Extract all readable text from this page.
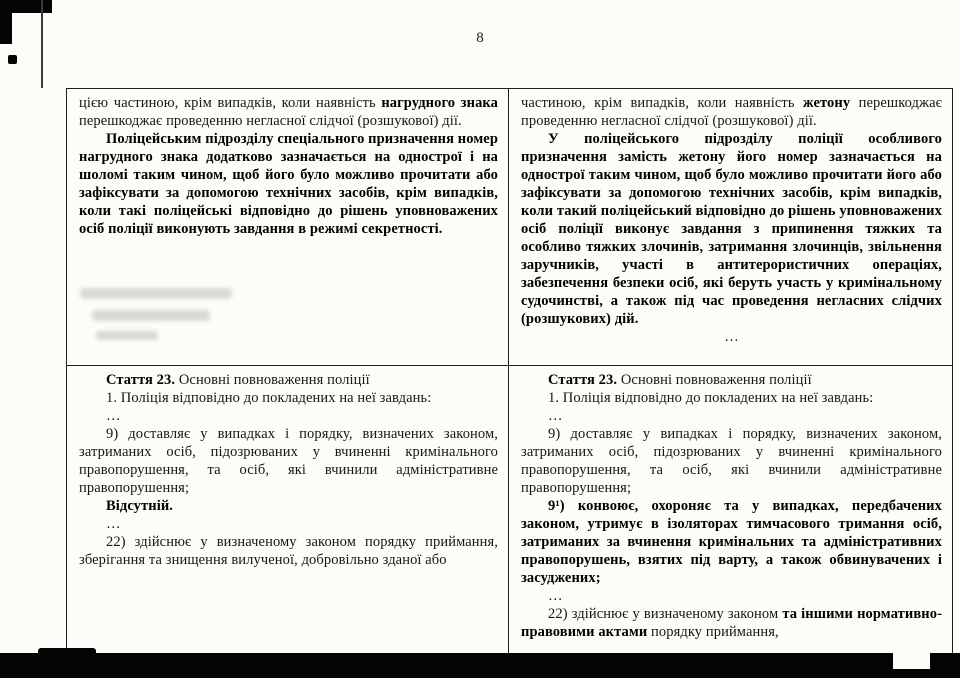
8

цією частиною, крім випадків, коли наявність нагрудного знака перешкоджає проведенню негласної слідчої (розшукової) дії.

Поліцейським підрозділу спеціального призначення номер нагрудного знака додатково зазначається на однострої і на шоломі таким чином, щоб його було можливо прочитати або зафіксувати за допомогою технічних засобів, крім випадків, коли такі поліцейські відповідно до рішень уповноважених осіб поліції виконують завдання в режимі секретності.

частиною, крім випадків, коли наявність жетону перешкоджає проведенню негласної слідчої (розшукової) дії.

У поліцейського підрозділу поліції особливого призначення замість жетону його номер зазначається на однострої таким чином, щоб було можливо прочитати його або зафіксувати за допомогою технічних засобів, крім випадків, коли такий поліцейський відповідно до рішень уповноважених осіб поліції виконує завдання з припинення тяжких та особливо тяжких злочинів, затримання злочинців, звільнення заручників, участі в антитерористичних операціях, забезпечення безпеки осіб, які беруть участь у кримінальному судочинстві, а також під час проведення негласних слідчих (розшукових) дій.

…

Стаття 23. Основні повноваження поліції

1. Поліція відповідно до покладених на неї завдань:

…

9) доставляє у випадках і порядку, визначених законом, затриманих осіб, підозрюваних у вчиненні кримінального правопорушення, та осіб, які вчинили адміністративне правопорушення;

Відсутній.

…

22) здійснює у визначеному законом порядку приймання, зберігання та знищення вилученої, добровільно зданої або

Стаття 23. Основні повноваження поліції

1. Поліція відповідно до покладених на неї завдань:

…

9) доставляє у випадках і порядку, визначених законом, затриманих осіб, підозрюваних у вчиненні кримінального правопорушення, та осіб, які вчинили адміністративне правопорушення;

9¹) конвоює, охороняє та у випадках, передбачених законом, утримує в ізоляторах тимчасового тримання осіб, затриманих за вчинення кримінальних та адміністративних правопорушень, взятих під варту, а також обвинувачених і засуджених;

…

22) здійснює у визначеному законом та іншими нормативно-правовими актами порядку приймання,
